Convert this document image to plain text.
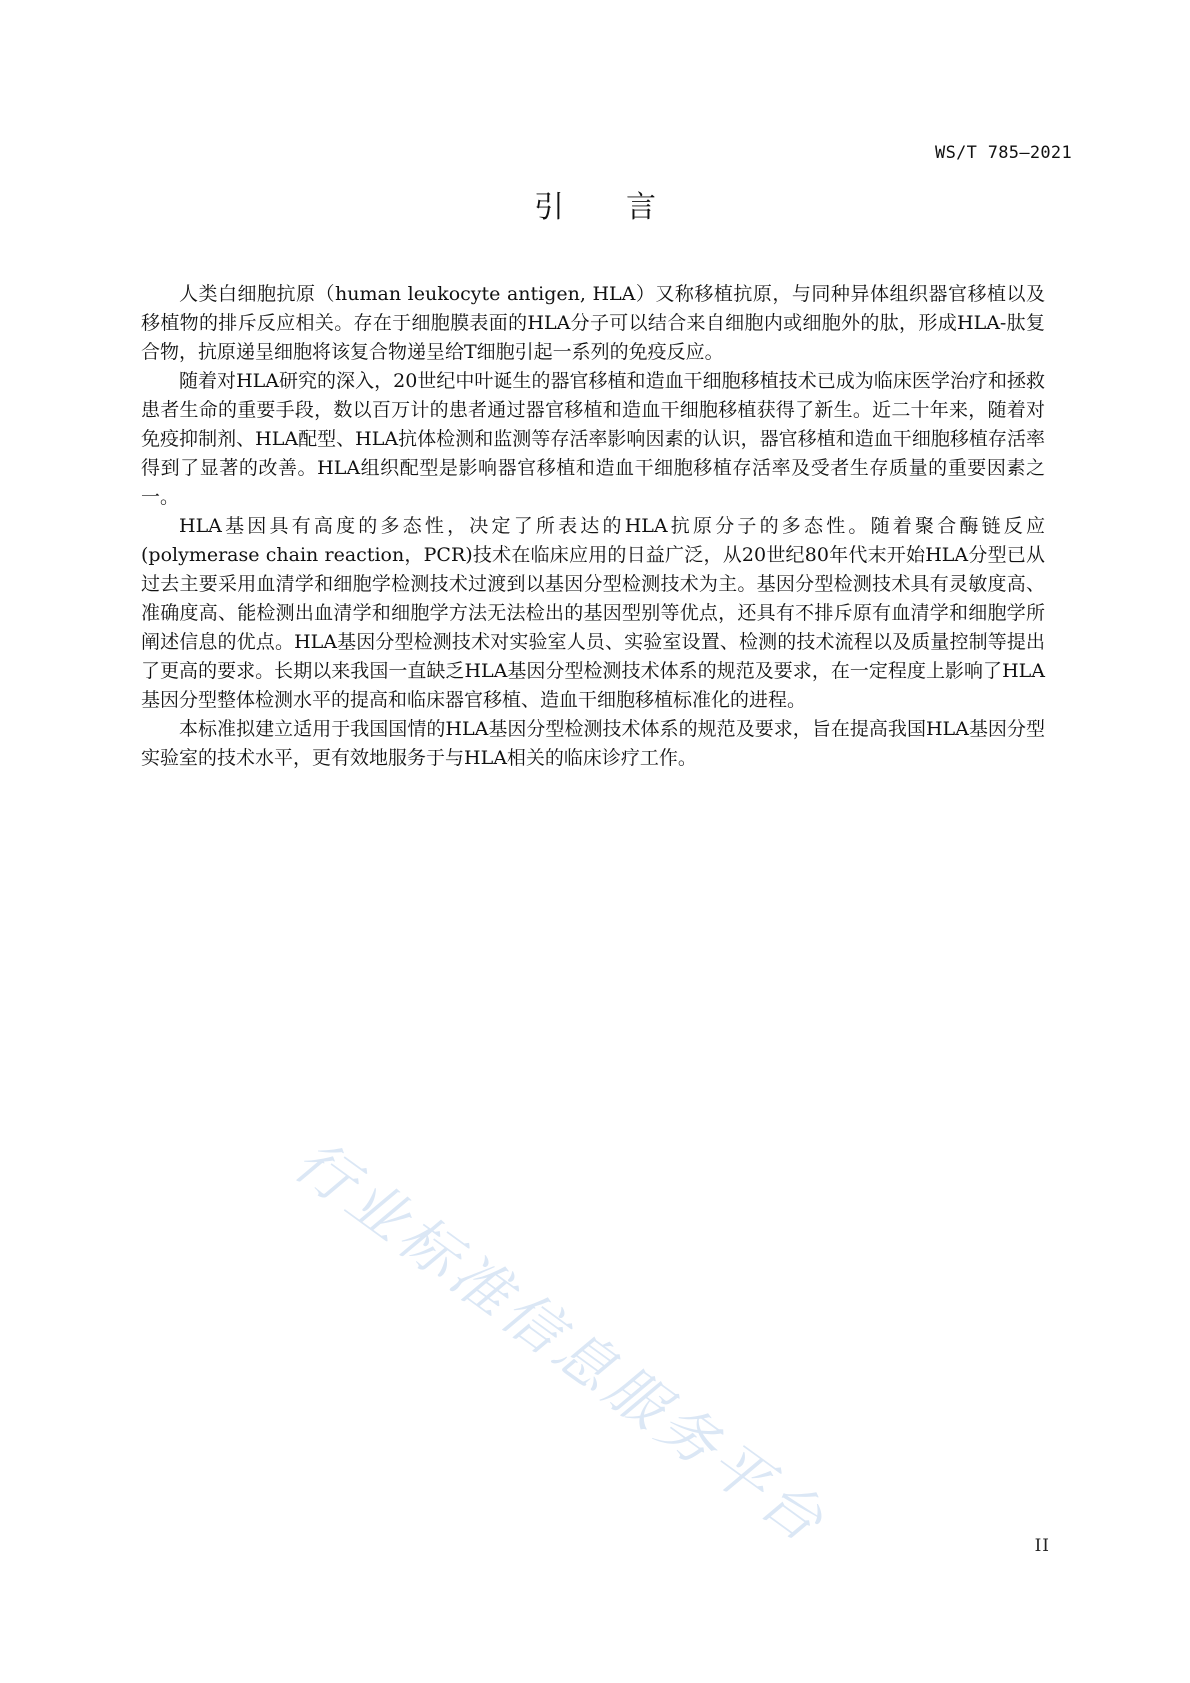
WS/T 785—2021
引言

人类白细胞抗原（human leukocyte antigen, HLA）又称移植抗原，与同种异体组织器官移植以及移植物的排斥反应相关。存在于细胞膜表面的HLA分子可以结合来自细胞内或细胞外的肽，形成HLA-肽复合物，抗原递呈细胞将该复合物递呈给T细胞引起一系列的免疫反应。

随着对HLA研究的深入，20世纪中叶诞生的器官移植和造血干细胞移植技术已成为临床医学治疗和拯救患者生命的重要手段，数以百万计的患者通过器官移植和造血干细胞移植获得了新生。近二十年来，随着对免疫抑制剂、HLA配型、HLA抗体检测和监测等存活率影响因素的认识，器官移植和造血干细胞移植存活率得到了显著的改善。HLA组织配型是影响器官移植和造血干细胞移植存活率及受者生存质量的重要因素之一。

HLA基因具有高度的多态性，决定了所表达的HLA抗原分子的多态性。随着聚合酶链反应(polymerase chain reaction，PCR)技术在临床应用的日益广泛，从20世纪80年代末开始HLA分型已从过去主要采用血清学和细胞学检测技术过渡到以基因分型检测技术为主。基因分型检测技术具有灵敏度高、准确度高、能检测出血清学和细胞学方法无法检出的基因型别等优点，还具有不排斥原有血清学和细胞学所阐述信息的优点。HLA基因分型检测技术对实验室人员、实验室设置、检测的技术流程以及质量控制等提出了更高的要求。长期以来我国一直缺乏HLA基因分型检测技术体系的规范及要求，在一定程度上影响了HLA基因分型整体检测水平的提高和临床器官移植、造血干细胞移植标准化的进程。

本标准拟建立适用于我国国情的HLA基因分型检测技术体系的规范及要求，旨在提高我国HLA基因分型实验室的技术水平，更有效地服务于与HLA相关的临床诊疗工作。

行业标准信息服务平台	II
